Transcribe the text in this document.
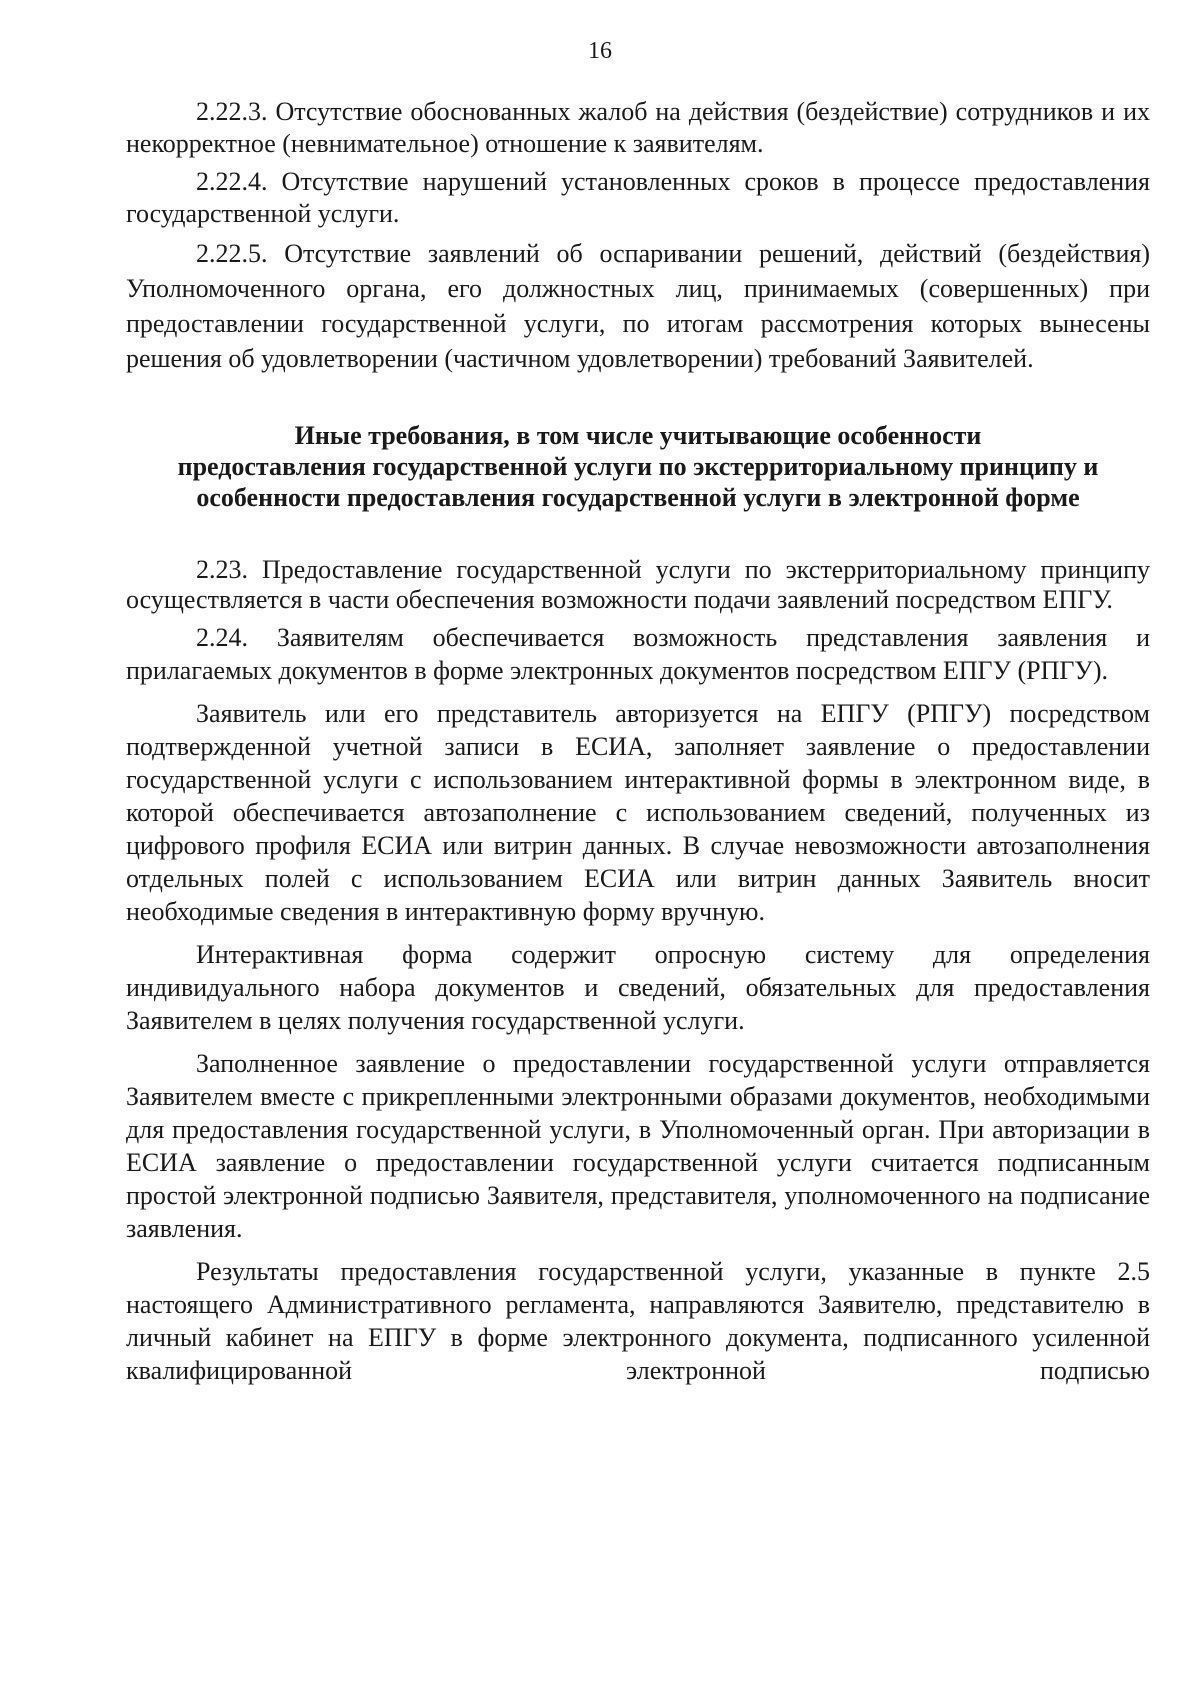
16

2.22.3. Отсутствие обоснованных жалоб на действия (бездействие) сотрудников и их некорректное (невнимательное) отношение к заявителям.

2.22.4. Отсутствие нарушений установленных сроков в процессе предоставления государственной услуги.

2.22.5. Отсутствие заявлений об оспаривании решений, действий (бездействия) Уполномоченного органа, его должностных лиц, принимаемых (совершенных) при предоставлении государственной услуги, по итогам рассмотрения которых вынесены решения об удовлетворении (частичном удовлетворении) требований Заявителей.

Иные требования, в том числе учитывающие особенности
предоставления государственной услуги по экстерриториальному принципу и
особенности предоставления государственной услуги в электронной форме

2.23. Предоставление государственной услуги по экстерриториальному принципу осуществляется в части обеспечения возможности подачи заявлений посредством ЕПГУ.

2.24. Заявителям обеспечивается возможность представления заявления и прилагаемых документов в форме электронных документов посредством ЕПГУ (РПГУ).

Заявитель или его представитель авторизуется на ЕПГУ (РПГУ) посредством подтвержденной учетной записи в ЕСИА, заполняет заявление о предоставлении государственной услуги с использованием интерактивной формы в электронном виде, в которой обеспечивается автозаполнение с использованием сведений, полученных из цифрового профиля ЕСИА или витрин данных. В случае невозможности автозаполнения отдельных полей с использованием ЕСИА или витрин данных Заявитель вносит необходимые сведения в интерактивную форму вручную.

Интерактивная форма содержит опросную систему для определения индивидуального набора документов и сведений, обязательных для предоставления Заявителем в целях получения государственной услуги.

Заполненное заявление о предоставлении государственной услуги отправляется Заявителем вместе с прикрепленными электронными образами документов, необходимыми для предоставления государственной услуги, в Уполномоченный орган. При авторизации в ЕСИА заявление о предоставлении государственной услуги считается подписанным простой электронной подписью Заявителя, представителя, уполномоченного на подписание заявления.

Результаты предоставления государственной услуги, указанные в пункте 2.5 настоящего Административного регламента, направляются Заявителю, представителю в личный кабинет на ЕПГУ в форме электронного документа, подписанного усиленной квалифицированной электронной подписью
